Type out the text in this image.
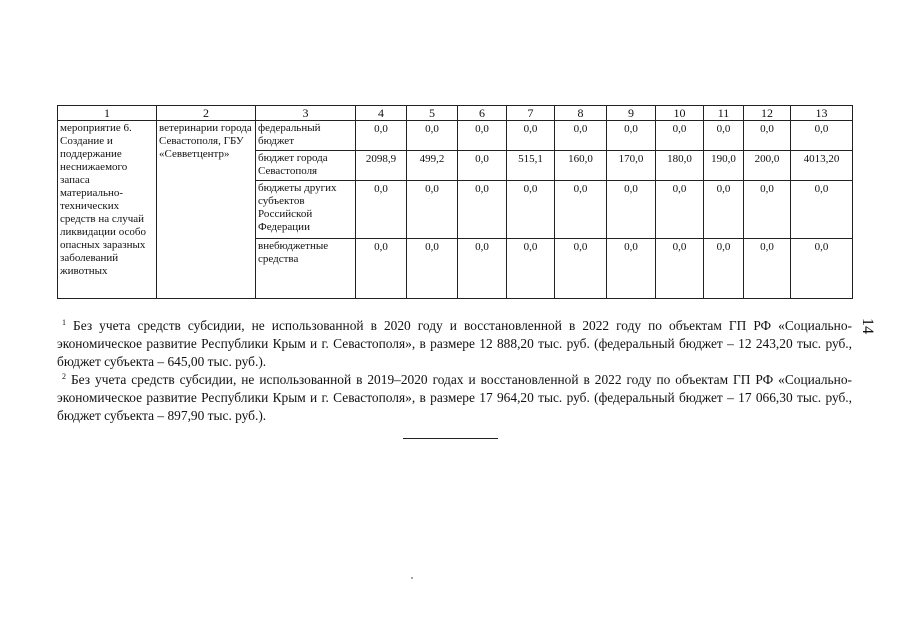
1	2	3	4	5	6	7	8	9	10	11	12	13
мероприятие 6. Создание и поддержание неснижаемого запаса материально-технических средств на случай ликвидации особо опасных заразных заболеваний животных	ветеринарии города Севастополя, ГБУ «Севветцентр»	федеральный бюджет	0,0	0,0	0,0	0,0	0,0	0,0	0,0	0,0	0,0	0,0
		бюджет города Севастополя	2098,9	499,2	0,0	515,1	160,0	170,0	180,0	190,0	200,0	4013,20
		бюджеты других субъектов Российской Федерации	0,0	0,0	0,0	0,0	0,0	0,0	0,0	0,0	0,0	0,0
		внебюджетные средства	0,0	0,0	0,0	0,0	0,0	0,0	0,0	0,0	0,0	0,0

$^1$ Без учета средств субсидии, не использованной в 2020 году и восстановленной в 2022 году по объектам ГП РФ «Социально-экономическое развитие Республики Крым и г. Севастополя», в размере 12 888,20 тыс. руб. (федеральный бюджет – 12 243,20 тыс. руб., бюджет субъекта – 645,00 тыс. руб.).

$^2$ Без учета средств субсидии, не использованной в 2019–2020 годах и восстановленной в 2022 году по объектам ГП РФ «Социально-экономическое развитие Республики Крым и г. Севастополя», в размере 17 964,20 тыс. руб. (федеральный бюджет – 17 066,30 тыс. руб., бюджет субъекта – 897,90 тыс. руб.).

14
